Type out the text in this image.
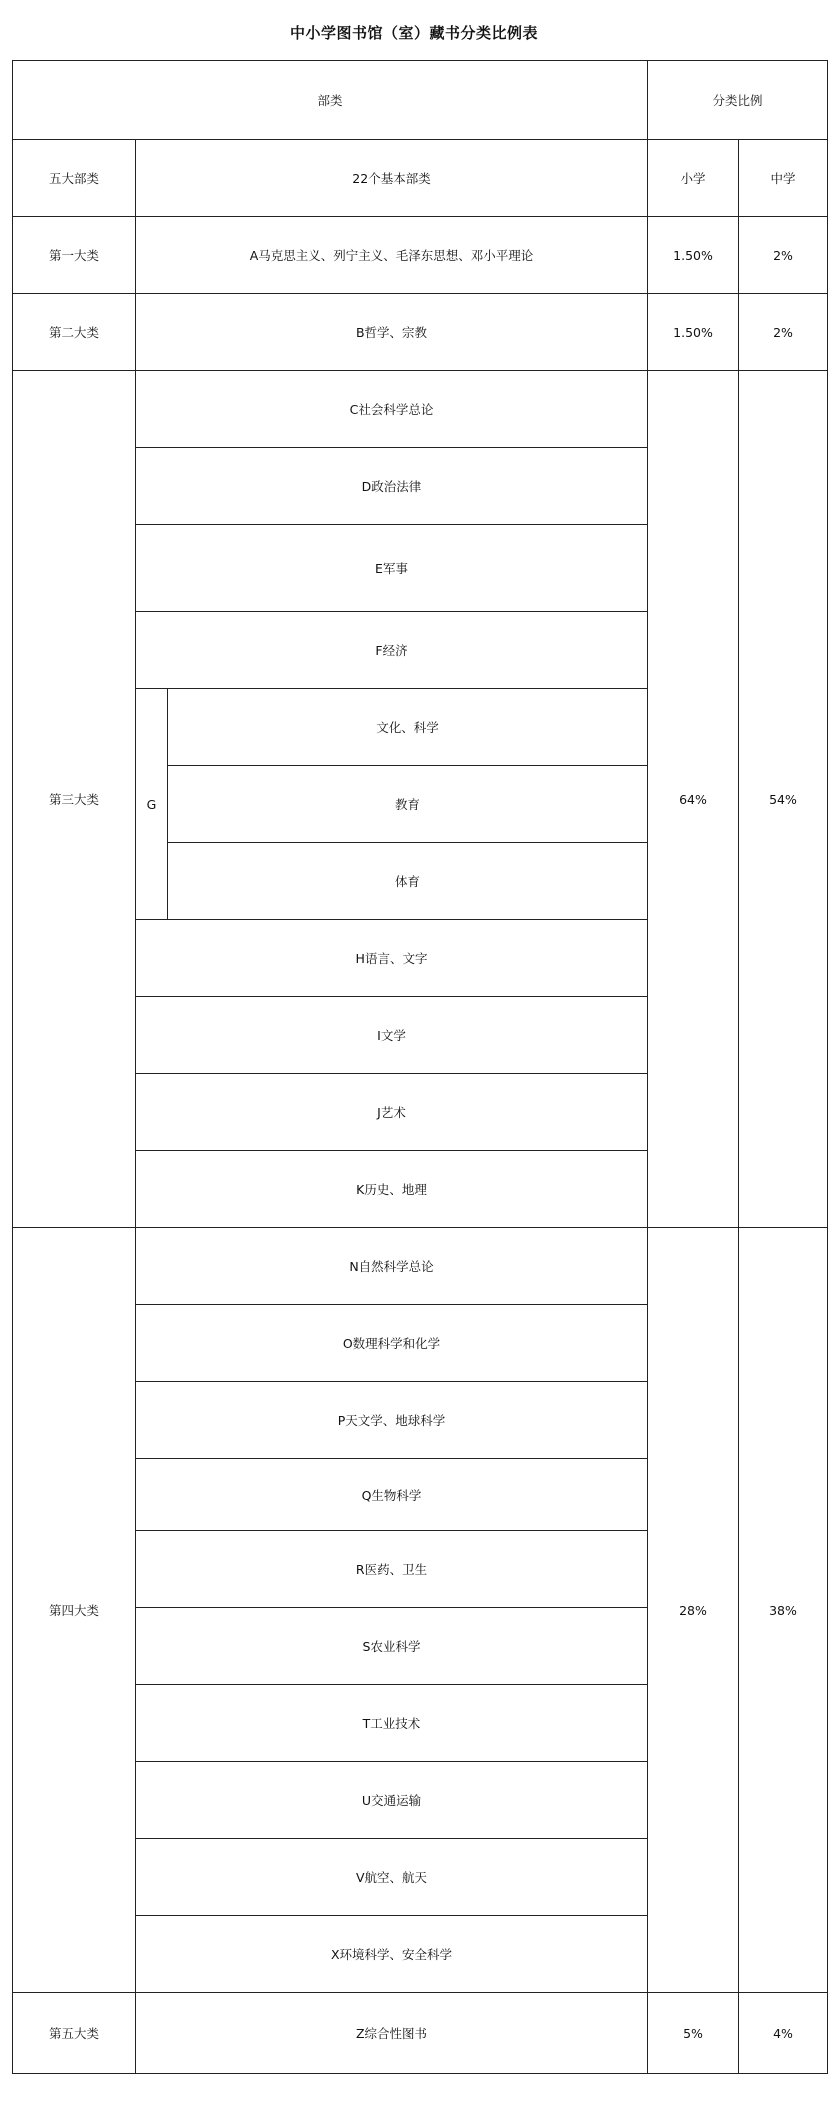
中小学图书馆（室）藏书分类比例表
部类			分类比例	
五大部类	22个基本部类		小学	中学
第一大类	A马克思主义、列宁主义、毛泽东思想、邓小平理论		1.50%	2%
第二大类	B哲学、宗教		1.50%	2%
第三大类	C社会科学总论		64%	54%
	D政治法律			
	E军事			
	F经济			
	G	文化、科学		
		教育		
		体育		
	H语言、文字			
	I文学			
	J艺术			
	K历史、地理			
第四大类	N自然科学总论		28%	38%
	O数理科学和化学			
	P天文学、地球科学			
	Q生物科学			
	R医药、卫生			
	S农业科学			
	T工业技术			
	U交通运输			
	V航空、航天			
	X环境科学、安全科学			
第五大类	Z综合性图书		5%	4%
